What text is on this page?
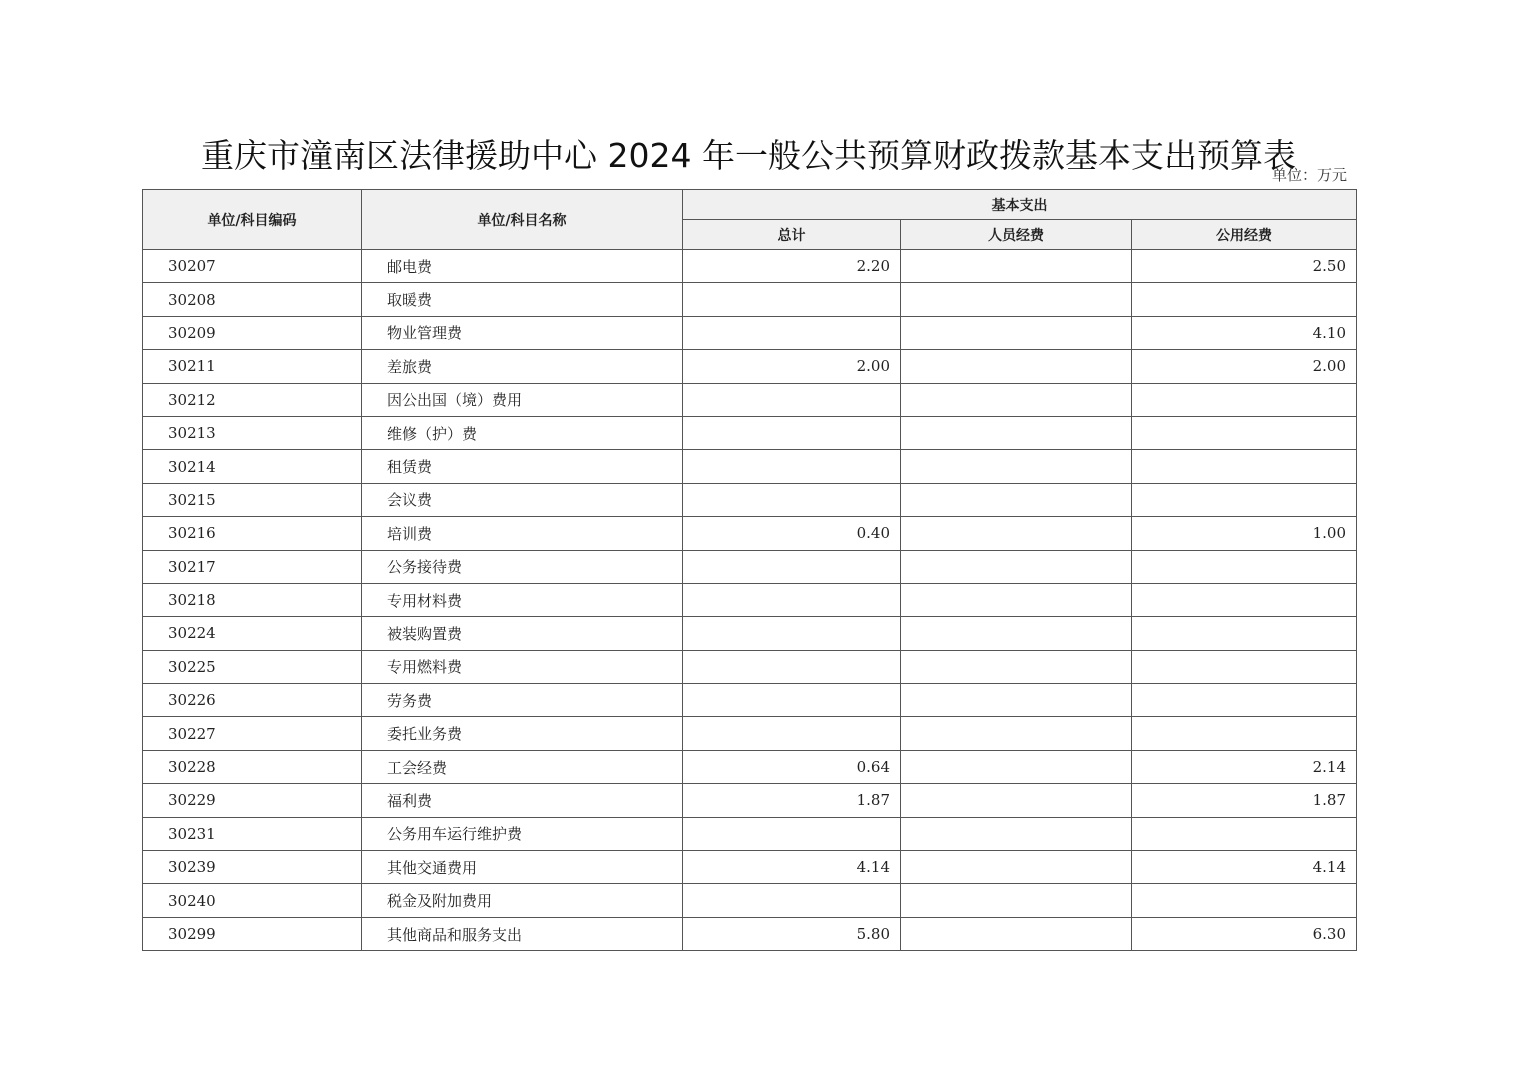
重庆市潼南区法律援助中心 2024 年一般公共预算财政拨款基本支出预算表
单位：万元
单位/科目编码	单位/科目名称	基本支出		
		总计	人员经费	公用经费
30207	邮电费	2.20		2.50
30208	取暖费			
30209	物业管理费			4.10
30211	差旅费	2.00		2.00
30212	因公出国（境）费用			
30213	维修（护）费			
30214	租赁费			
30215	会议费			
30216	培训费	0.40		1.00
30217	公务接待费			
30218	专用材料费			
30224	被装购置费			
30225	专用燃料费			
30226	劳务费			
30227	委托业务费			
30228	工会经费	0.64		2.14
30229	福利费	1.87		1.87
30231	公务用车运行维护费			
30239	其他交通费用	4.14		4.14
30240	税金及附加费用			
30299	其他商品和服务支出	5.80		6.30
